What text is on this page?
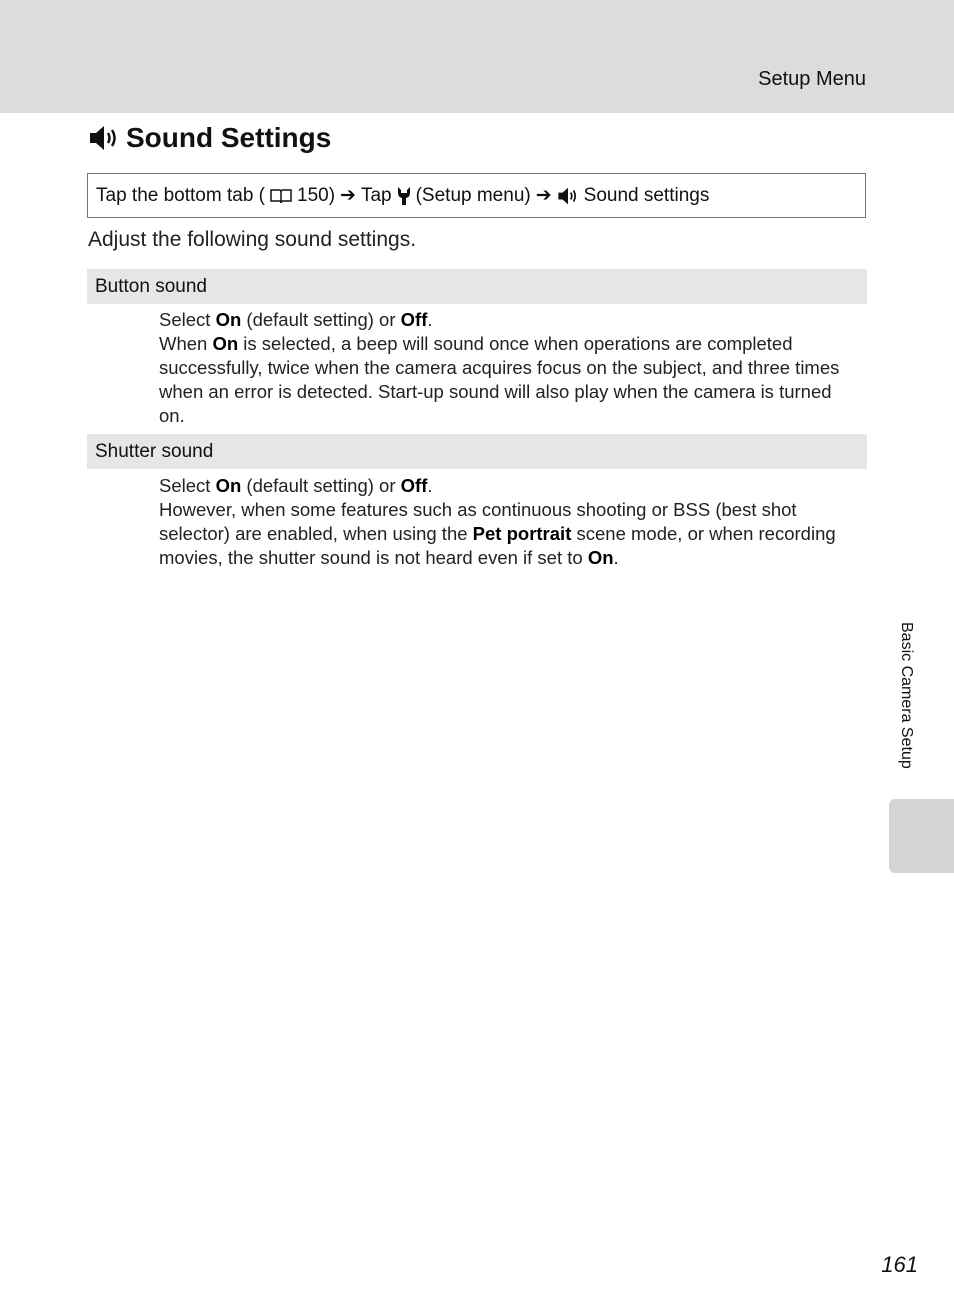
Setup Menu
Sound Settings
Tap the bottom tab ( 150) ➔ Tap (Setup menu) ➔ Sound settings
Adjust the following sound settings.
Button sound
Select On (default setting) or Off.
When On is selected, a beep will sound once when operations are completed successfully, twice when the camera acquires focus on the subject, and three times when an error is detected. Start-up sound will also play when the camera is turned on.
Shutter sound
Select On (default setting) or Off.
However, when some features such as continuous shooting or BSS (best shot selector) are enabled, when using the Pet portrait scene mode, or when recording movies, the shutter sound is not heard even if set to On.
Basic Camera Setup
161
